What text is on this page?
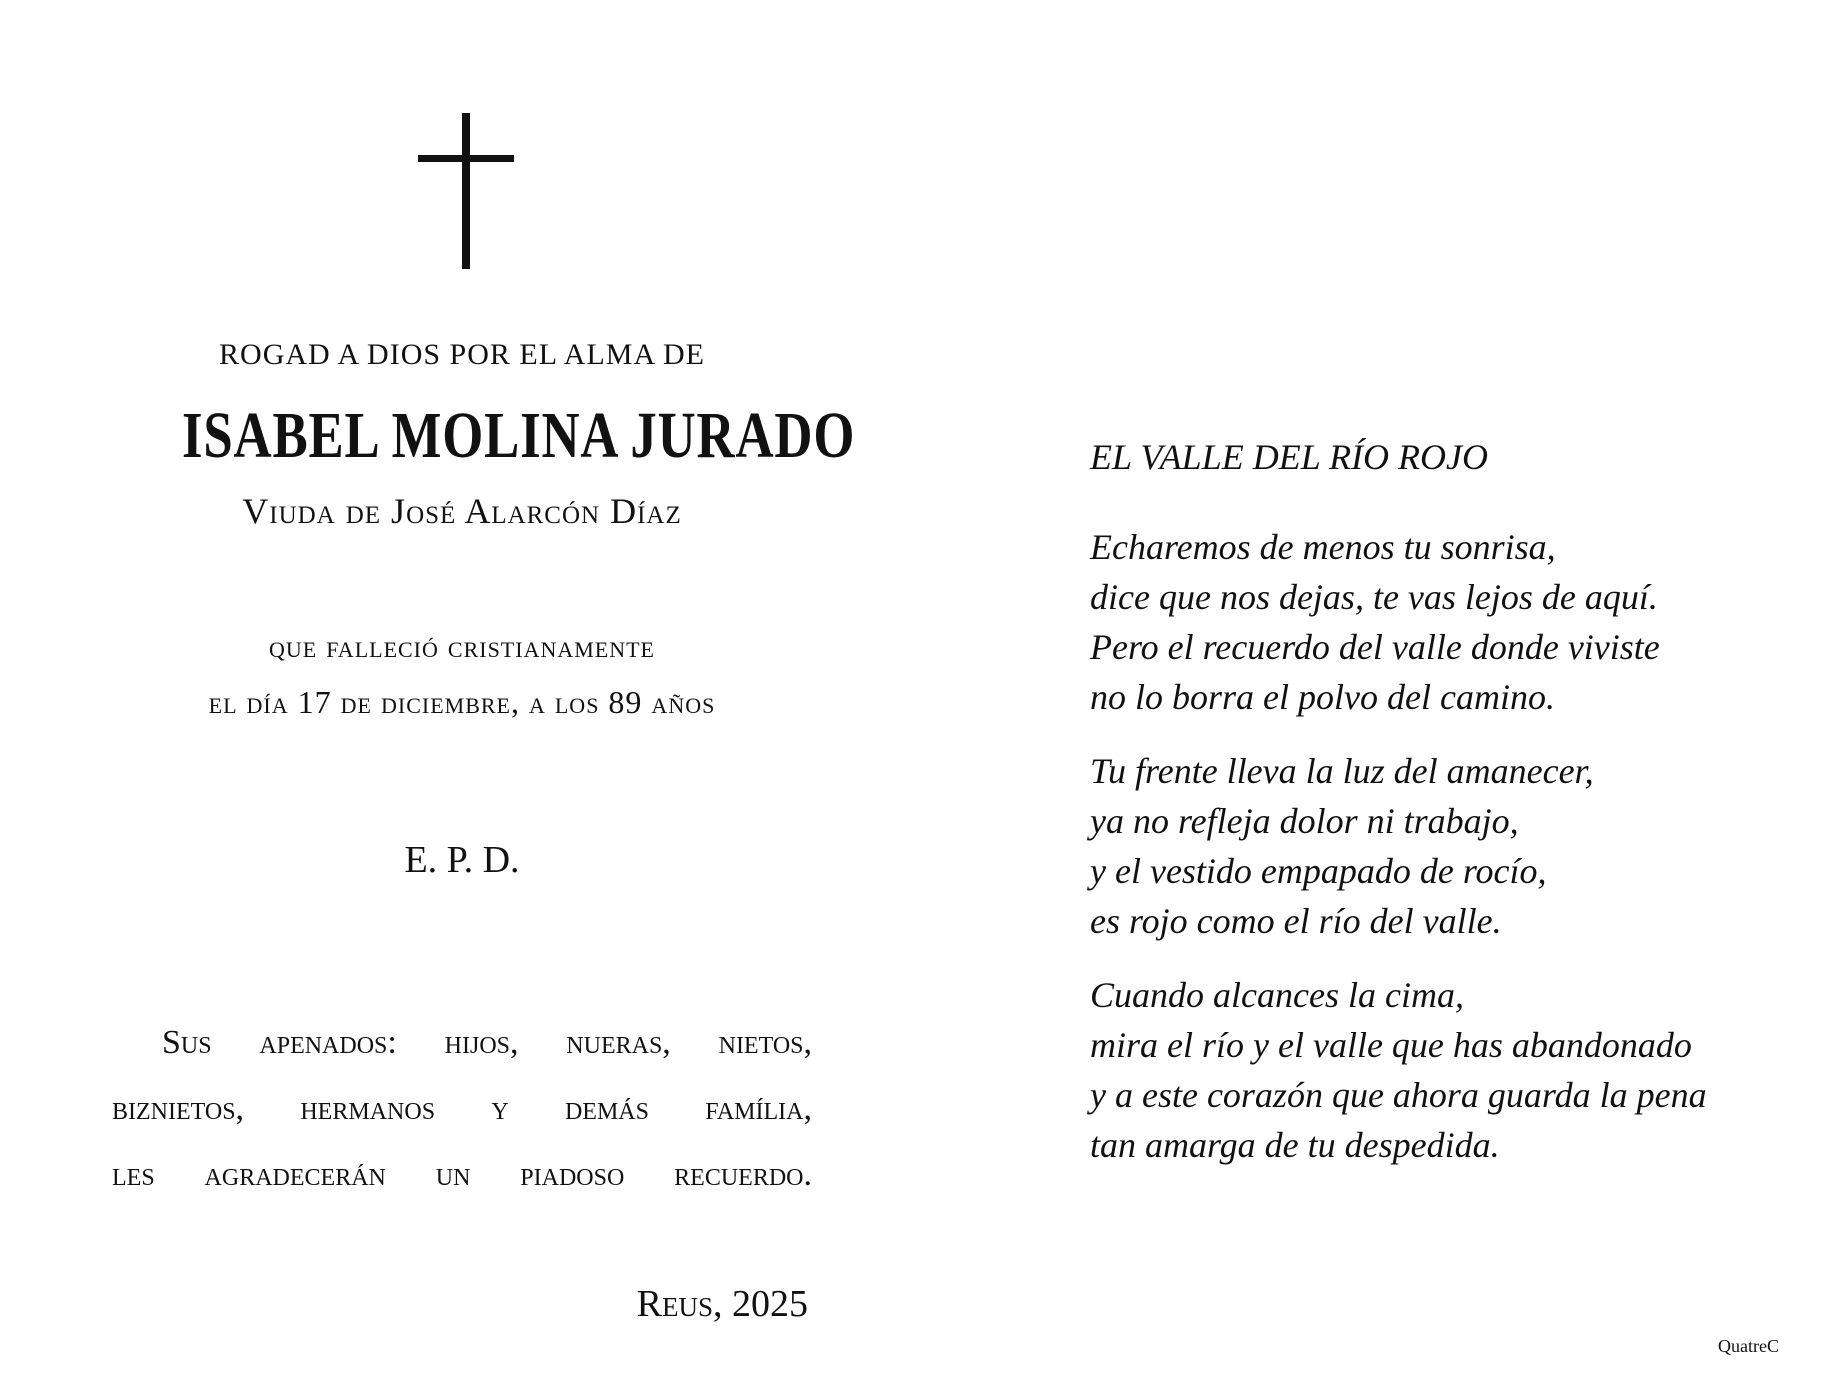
ROGAD A DIOS POR EL ALMA DE
ISABEL MOLINA JURADO
Viuda de José Alarcón Díaz
que falleció cristianamente
el día 17 de diciembre, a los 89 años
E. P. D.
Sus apenados: hijos, nueras, nietos,
biznietos, hermanos y demás família,
les agradecerán un piadoso recuerdo.
Reus, 2025
EL VALLE DEL RÍO ROJO
Echaremos de menos tu sonrisa,
dice que nos dejas, te vas lejos de aquí.
Pero el recuerdo del valle donde viviste
no lo borra el polvo del camino.
Tu frente lleva la luz del amanecer,
ya no refleja dolor ni trabajo,
y el vestido empapado de rocío,
es rojo como el río del valle.
Cuando alcances la cima,
mira el río y el valle que has abandonado
y a este corazón que ahora guarda la pena
tan amarga de tu despedida.
QuatreC
